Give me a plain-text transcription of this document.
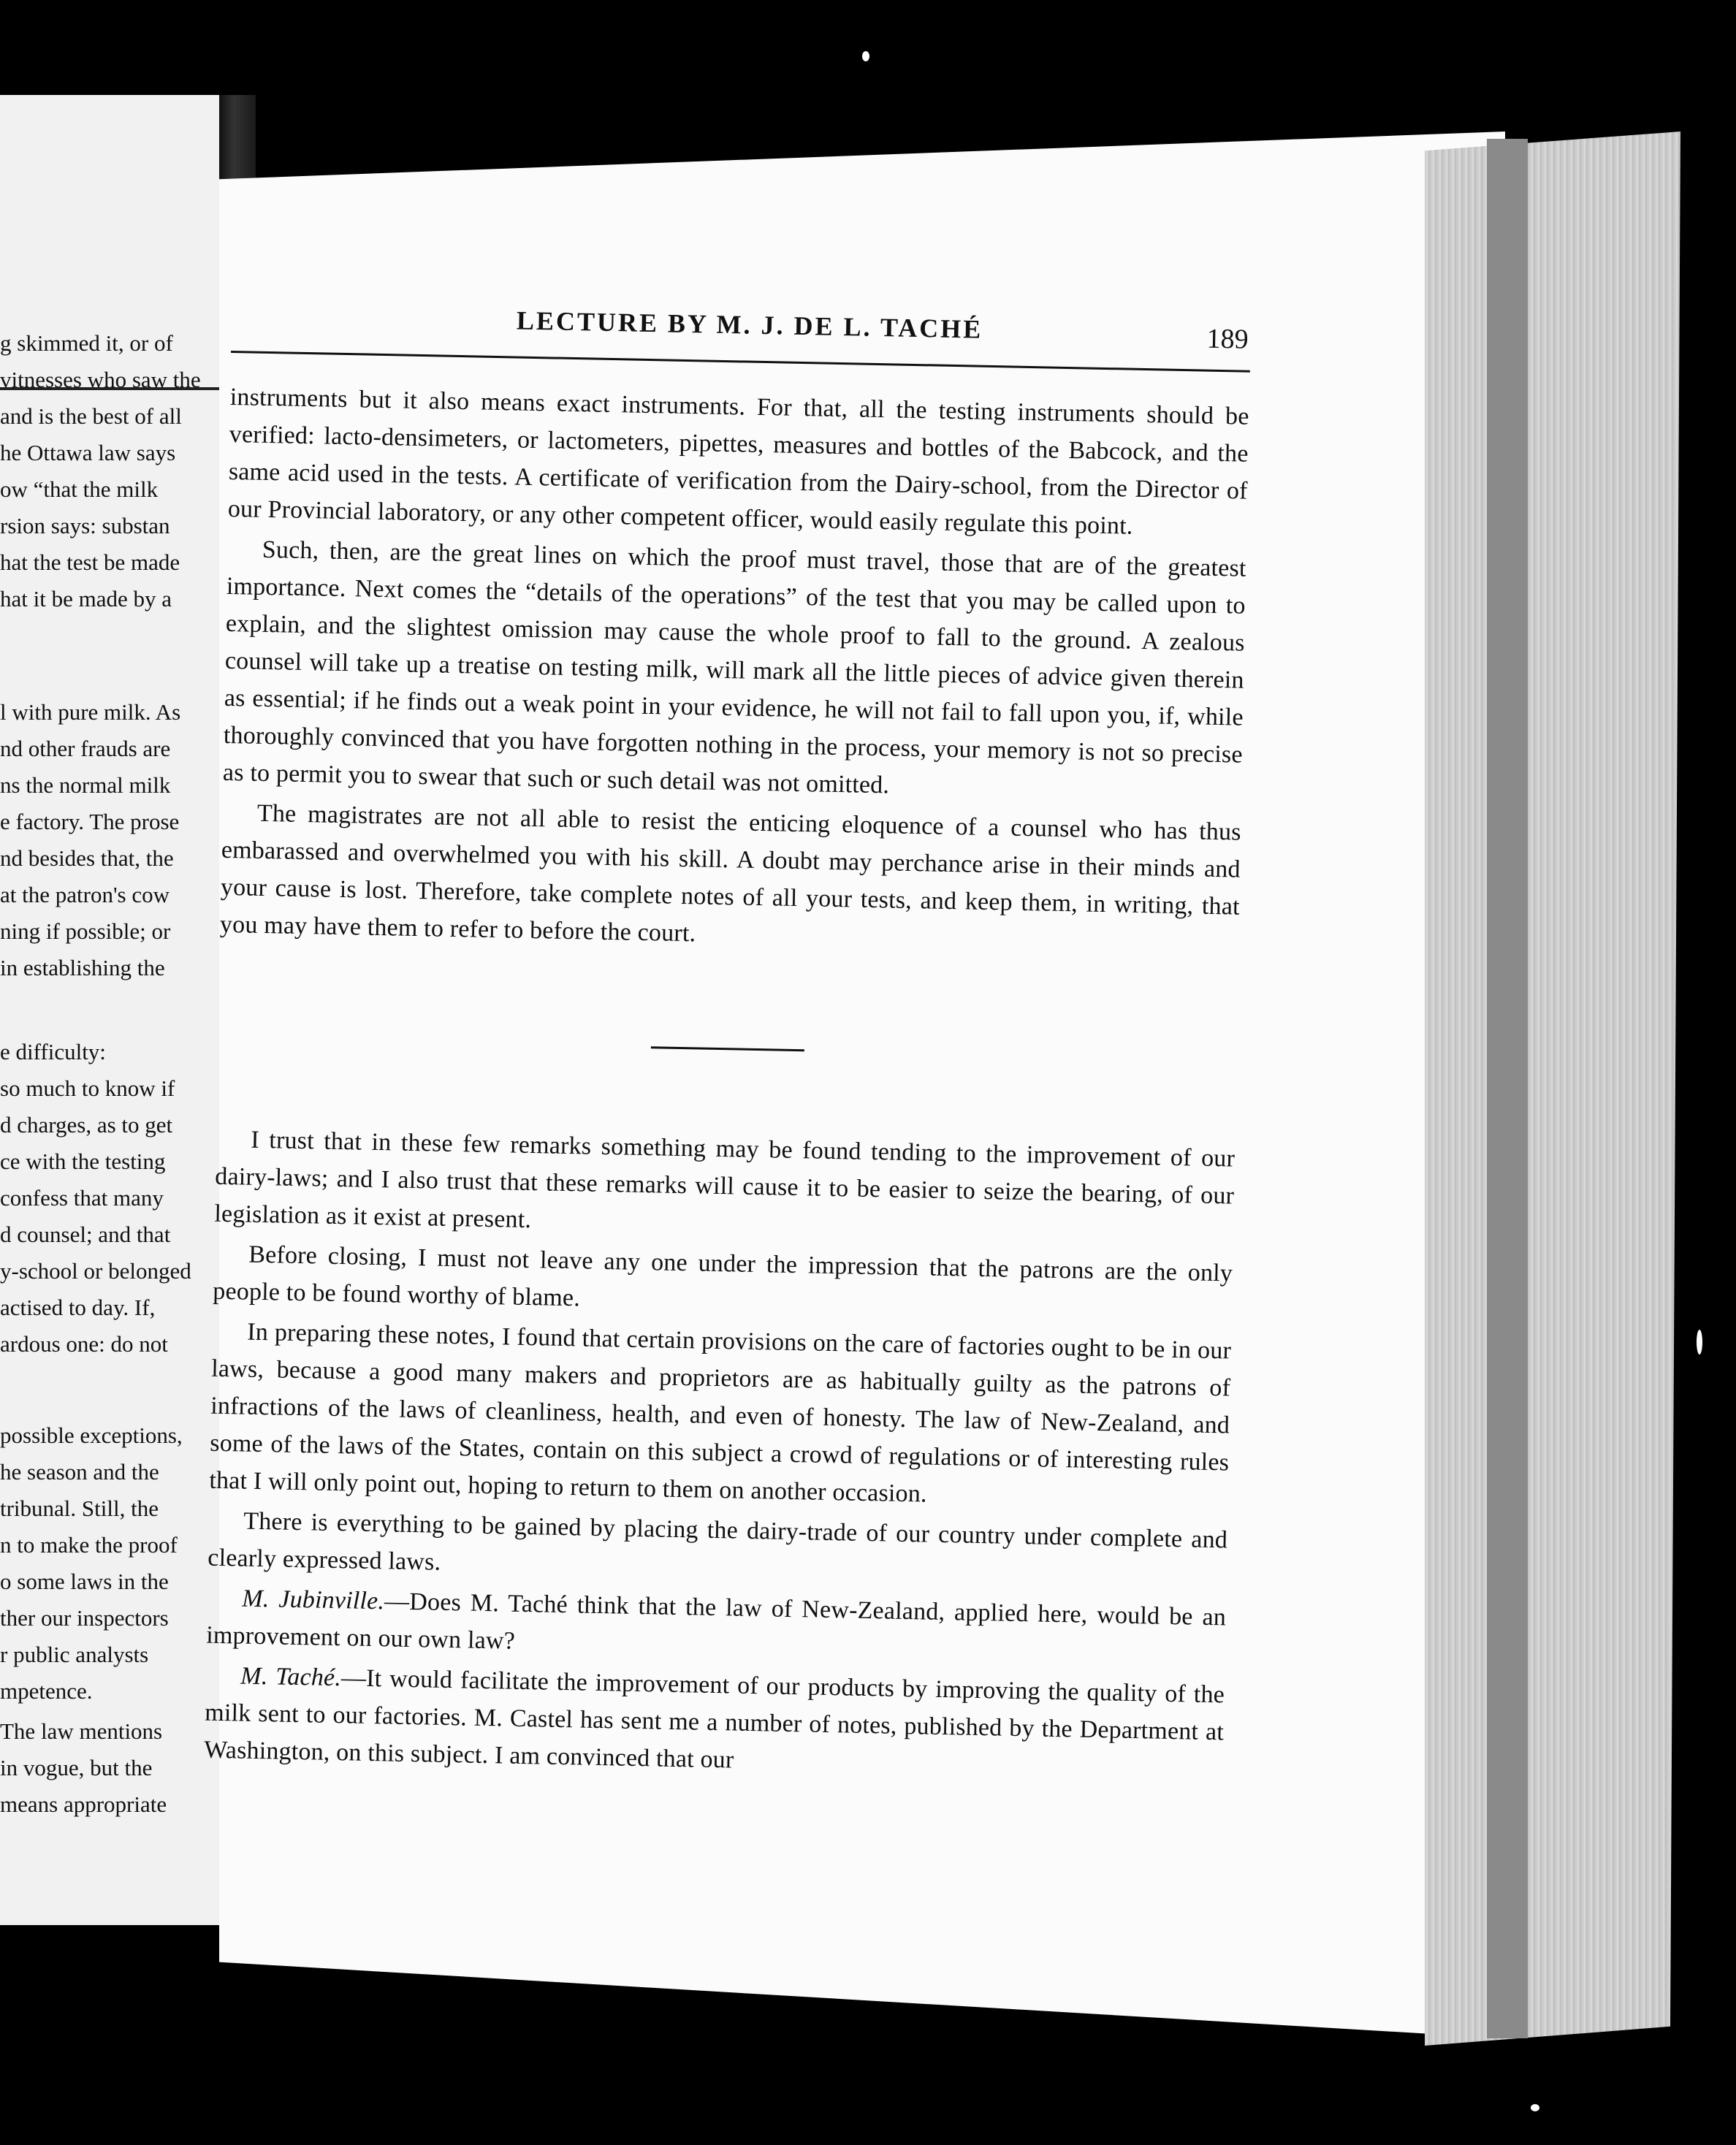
g skimmed it, or of
vitnesses who saw the
and is the best of all
he Ottawa law says
ow “that the milk
rsion says: substan
hat the test be made
hat it be made by a
l with pure milk. As
nd other frauds are
ns the normal milk
e factory. The prose
nd besides that, the
at the patron's cow
ning if possible; or
in establishing the
e difficulty:
so much to know if
d charges, as to get
ce with the testing
confess that many
d counsel; and that
y-school or belonged
actised to day. If,
ardous one: do not
possible exceptions,
he season and the
tribunal. Still, the
n to make the proof
o some laws in the
ther our inspectors
r public analysts
mpetence.
The law mentions
in vogue, but the
means appropriate
LECTURE BY M. J. DE L. TACHÉ	189

instruments but it also means exact instruments. For that, all the testing instruments should be verified: lacto-densimeters, or lactometers, pipettes, measures and bottles of the Babcock, and the same acid used in the tests. A certificate of verification from the Dairy-school, from the Director of our Provincial laboratory, or any other competent officer, would easily regulate this point.

Such, then, are the great lines on which the proof must travel, those that are of the greatest importance. Next comes the “details of the operations” of the test that you may be called upon to explain, and the slightest omission may cause the whole proof to fall to the ground. A zealous counsel will take up a treatise on testing milk, will mark all the little pieces of advice given therein as essential; if he finds out a weak point in your evidence, he will not fail to fall upon you, if, while thoroughly convinced that you have forgotten nothing in the process, your memory is not so precise as to permit you to swear that such or such detail was not omitted.

The magistrates are not all able to resist the enticing eloquence of a counsel who has thus embarassed and overwhelmed you with his skill. A doubt may perchance arise in their minds and your cause is lost. Therefore, take complete notes of all your tests, and keep them, in writing, that you may have them to refer to before the court.

I trust that in these few remarks something may be found tending to the improvement of our dairy-laws; and I also trust that these remarks will cause it to be easier to seize the bearing, of our legislation as it exist at present.

Before closing, I must not leave any one under the impression that the patrons are the only people to be found worthy of blame.

In preparing these notes, I found that certain provisions on the care of factories ought to be in our laws, because a good many makers and proprietors are as habitually guilty as the patrons of infractions of the laws of cleanliness, health, and even of honesty. The law of New-Zealand, and some of the laws of the States, contain on this subject a crowd of regulations or of interesting rules that I will only point out, hoping to return to them on another occasion.

There is everything to be gained by placing the dairy-trade of our country under complete and clearly expressed laws.

M. Jubinville.—Does M. Taché think that the law of New-Zealand, applied here, would be an improvement on our own law?

M. Taché.—It would facilitate the improvement of our products by improving the quality of the milk sent to our factories. M. Castel has sent me a number of notes, published by the Department at Washington, on this subject. I am convinced that our
